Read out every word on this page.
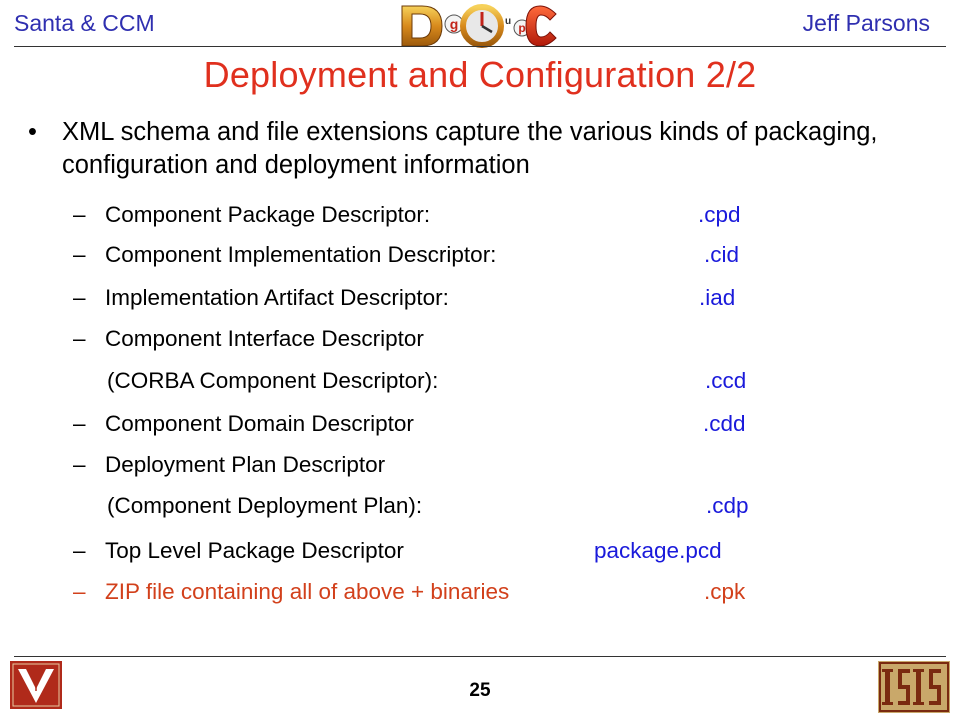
Santa & CCM	g	u p	Jeff Parsons
Deployment and Configuration 2/2
• XML schema and file extensions capture the various kinds of packaging, configuration and deployment information
– Component Package Descriptor:	.cpd
– Component Implementation Descriptor:	.cid
– Implementation Artifact Descriptor:	.iad
– Component Interface Descriptor
(CORBA Component Descriptor):	.ccd
– Component Domain Descriptor	.cdd
– Deployment Plan Descriptor
(Component Deployment Plan):	.cdp
– Top Level Package Descriptor	package.pcd
– ZIP file containing all of above + binaries	.cpk
25
